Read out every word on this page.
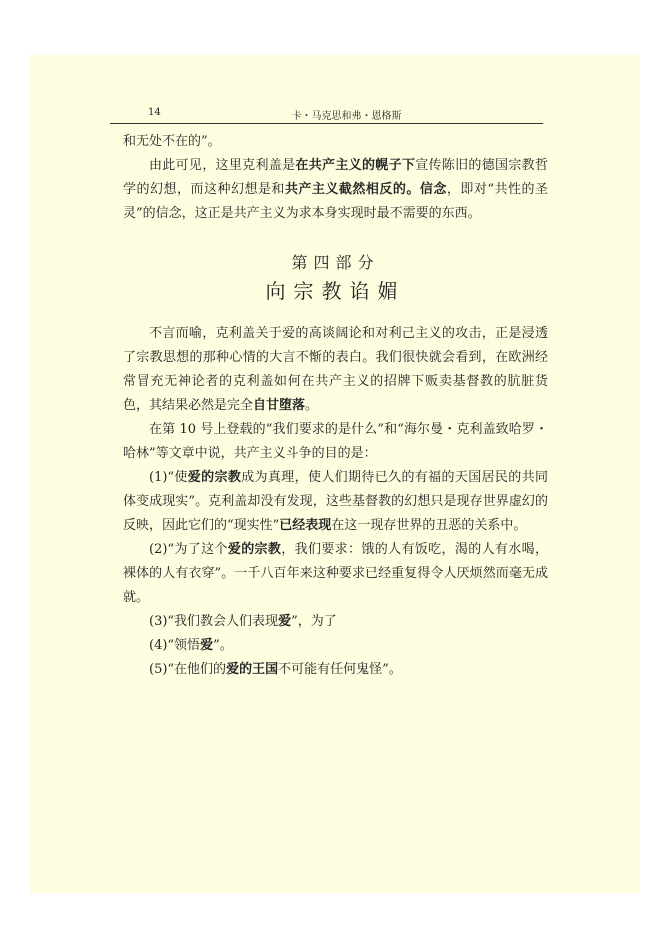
14	卡・马克思和弗・恩格斯

和无处不在的”。

由此可见，这里克利盖是在共产主义的幌子下宣传陈旧的德国宗教哲学的幻想，而这种幻想是和共产主义截然相反的。信念，即对“共性的圣灵”的信念，这正是共产主义为求本身实现时最不需要的东西。

第四部分
向宗教谄媚

不言而喻，克利盖关于爱的高谈阔论和对利己主义的攻击，正是浸透了宗教思想的那种心情的大言不惭的表白。我们很快就会看到，在欧洲经常冒充无神论者的克利盖如何在共产主义的招牌下贩卖基督教的肮脏货色，其结果必然是完全自甘堕落。

在第 10 号上登载的“我们要求的是什么”和“海尔曼・克利盖致哈罗・哈林”等文章中说，共产主义斗争的目的是：

(1)“使爱的宗教成为真理，使人们期待已久的有福的天国居民的共同体变成现实”。克利盖却没有发现，这些基督教的幻想只是现存世界虚幻的反映，因此它们的“现实性”已经表现在这一现存世界的丑恶的关系中。

(2)“为了这个爱的宗教，我们要求：饿的人有饭吃，渴的人有水喝，裸体的人有衣穿”。一千八百年来这种要求已经重复得令人厌烦然而毫无成就。

(3)“我们教会人们表现爱”，为了

(4)“领悟爱”。

(5)“在他们的爱的王国不可能有任何鬼怪”。
